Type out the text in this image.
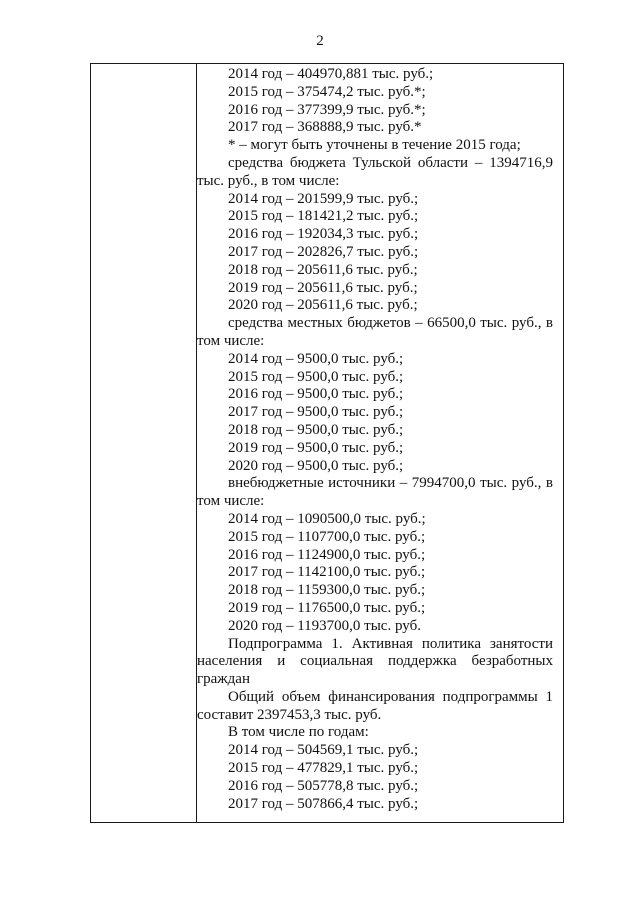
2

2014 год – 404970,881 тыс. руб.;

2015 год – 375474,2 тыс. руб.*;

2016 год – 377399,9 тыс. руб.*;

2017 год – 368888,9 тыс. руб.*

* – могут быть уточнены в течение 2015 года;

средства бюджета Тульской области – 1394716,9 тыс. руб., в том числе:

2014 год – 201599,9 тыс. руб.;

2015 год – 181421,2 тыс. руб.;

2016 год – 192034,3 тыс. руб.;

2017 год – 202826,7 тыс. руб.;

2018 год – 205611,6 тыс. руб.;

2019 год – 205611,6 тыс. руб.;

2020 год – 205611,6 тыс. руб.;

средства местных бюджетов – 66500,0 тыс. руб., в том числе:

2014 год – 9500,0 тыс. руб.;

2015 год – 9500,0 тыс. руб.;

2016 год – 9500,0 тыс. руб.;

2017 год – 9500,0 тыс. руб.;

2018 год – 9500,0 тыс. руб.;

2019 год – 9500,0 тыс. руб.;

2020 год – 9500,0 тыс. руб.;

внебюджетные источники – 7994700,0 тыс. руб., в том числе:

2014 год – 1090500,0 тыс. руб.;

2015 год – 1107700,0 тыс. руб.;

2016 год – 1124900,0 тыс. руб.;

2017 год – 1142100,0 тыс. руб.;

2018 год – 1159300,0 тыс. руб.;

2019 год – 1176500,0 тыс. руб.;

2020 год – 1193700,0 тыс. руб.

Подпрограмма 1. Активная политика занятости населения и социальная поддержка безработных граждан

Общий объем финансирования подпрограммы 1 составит 2397453,3 тыс. руб.

В том числе по годам:

2014 год – 504569,1 тыс. руб.;

2015 год – 477829,1 тыс. руб.;

2016 год – 505778,8 тыс. руб.;

2017 год – 507866,4 тыс. руб.;
